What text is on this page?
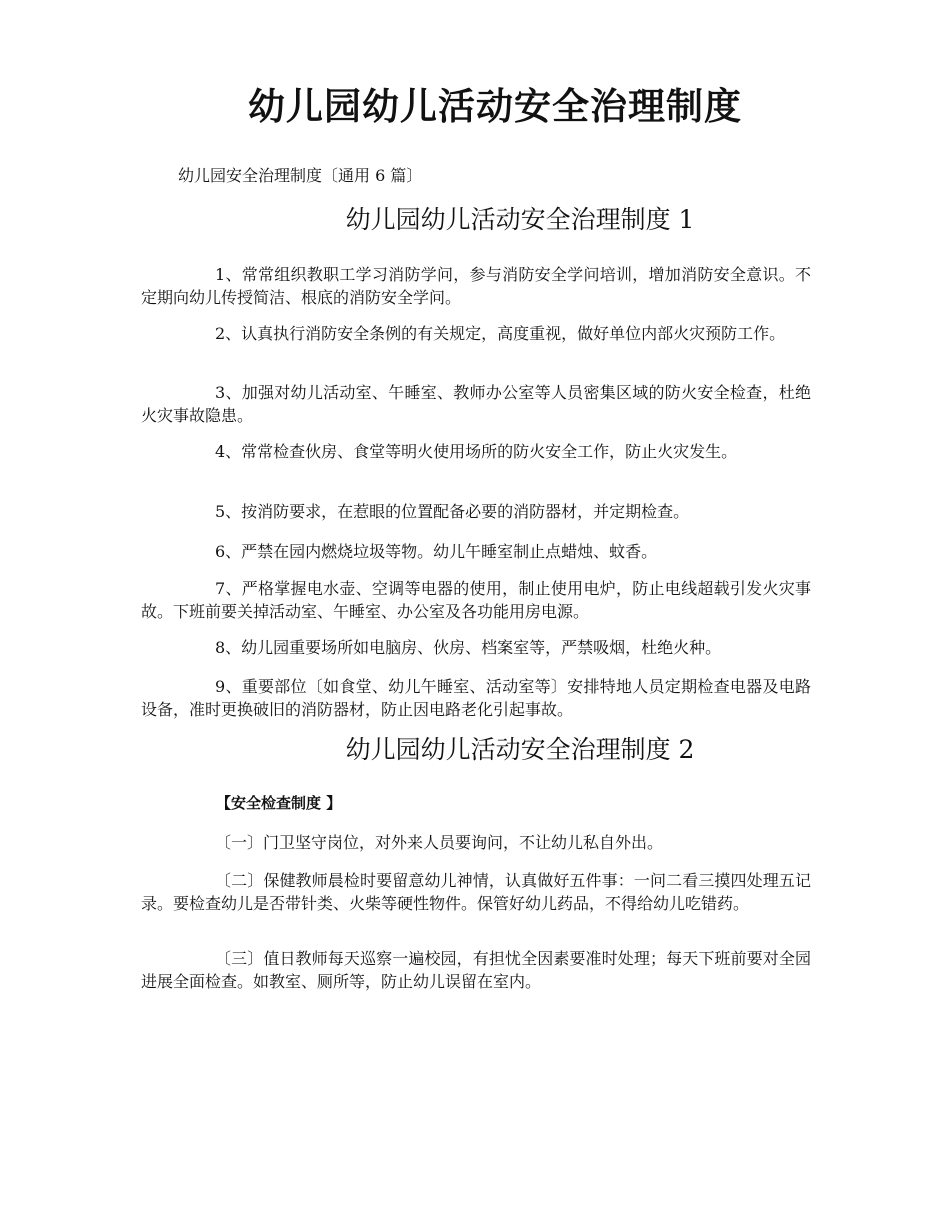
幼儿园幼儿活动安全治理制度

幼儿园安全治理制度〔通用 6 篇〕

幼儿园幼儿活动安全治理制度 1

1、常常组织教职工学习消防学问，参与消防安全学问培训，增加消防安全意识。不定期向幼儿传授简洁、根底的消防安全学问。

2、认真执行消防安全条例的有关规定，高度重视，做好单位内部火灾预防工作。

3、加强对幼儿活动室、午睡室、教师办公室等人员密集区域的防火安全检查，杜绝火灾事故隐患。

4、常常检查伙房、食堂等明火使用场所的防火安全工作，防止火灾发生。

5、按消防要求，在惹眼的位置配备必要的消防器材，并定期检查。

6、严禁在园内燃烧垃圾等物。幼儿午睡室制止点蜡烛、蚊香。

7、严格掌握电水壶、空调等电器的使用，制止使用电炉，防止电线超载引发火灾事故。下班前要关掉活动室、午睡室、办公室及各功能用房电源。

8、幼儿园重要场所如电脑房、伙房、档案室等，严禁吸烟，杜绝火种。

9、重要部位〔如食堂、幼儿午睡室、活动室等〕安排特地人员定期检查电器及电路设备，准时更换破旧的消防器材，防止因电路老化引起事故。

幼儿园幼儿活动安全治理制度 2

【安全检查制度 】

〔一〕门卫坚守岗位，对外来人员要询问，不让幼儿私自外出。

〔二〕保健教师晨检时要留意幼儿神情，认真做好五件事：一问二看三摸四处理五记录。要检查幼儿是否带针类、火柴等硬性物件。保管好幼儿药品，不得给幼儿吃错药。

〔三〕值日教师每天巡察一遍校园，有担忧全因素要准时处理；每天下班前要对全园进展全面检查。如教室、厕所等，防止幼儿误留在室内。
